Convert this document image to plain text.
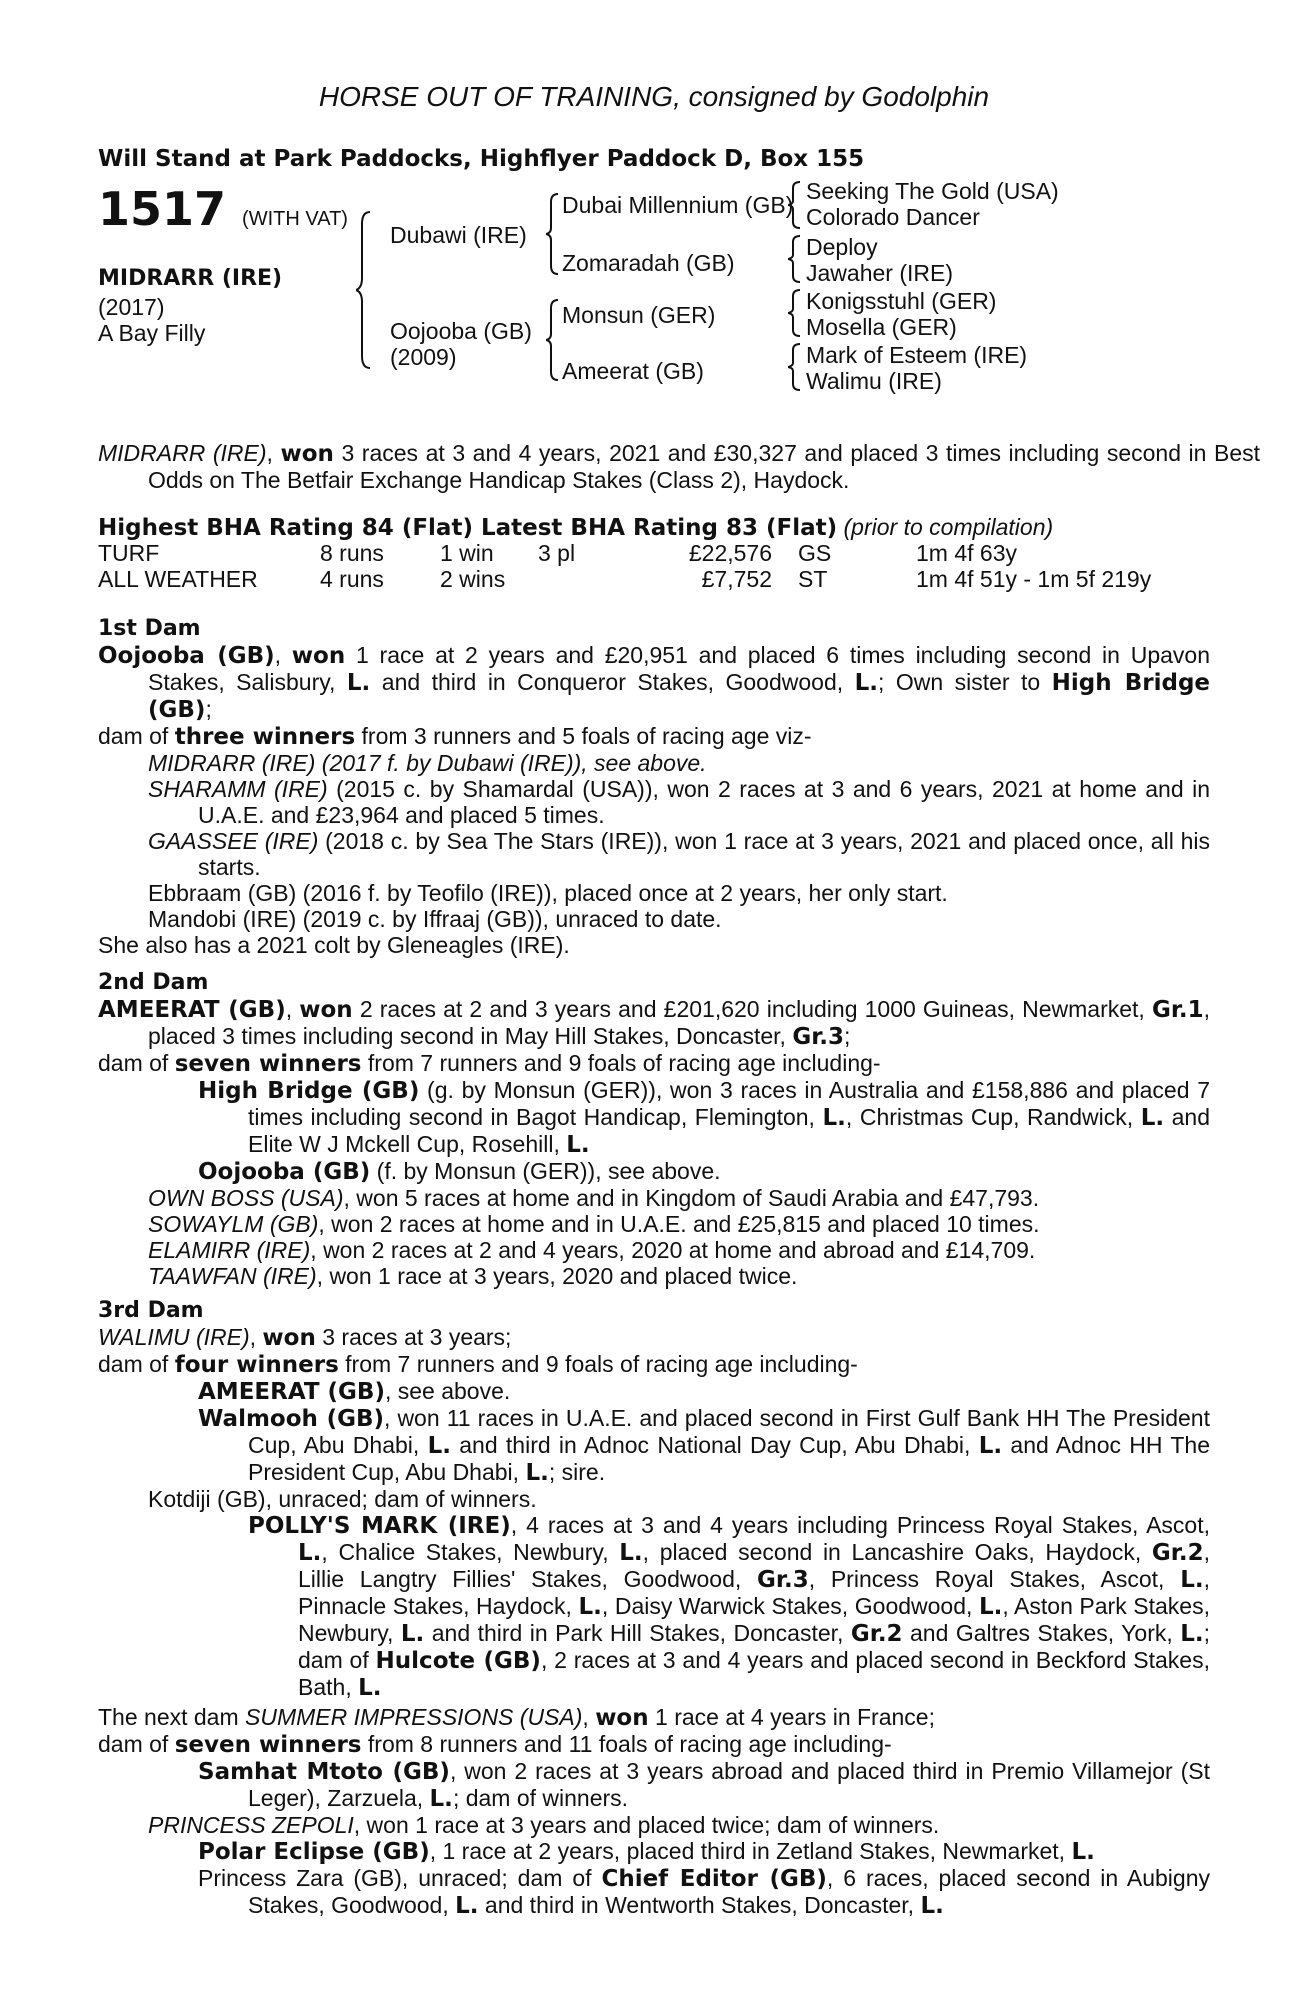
HORSE OUT OF TRAINING, consigned by Godolphin
Will Stand at Park Paddocks, Highflyer Paddock D, Box 155
1517 (WITH VAT)
MIDRARR (IRE)
(2017)
A Bay Filly
Dubawi (IRE)
Oojooba (GB)
(2009)
Dubai Millennium (GB)
Zomaradah (GB)
Monsun (GER)
Ameerat (GB)
Seeking The Gold (USA)
Colorado Dancer
Deploy
Jawaher (IRE)
Konigsstuhl (GER)
Mosella (GER)
Mark of Esteem (IRE)
Walimu (IRE)
MIDRARR (IRE), won 3 races at 3 and 4 years, 2021 and £30,327 and placed 3 times including second in Best Odds on The Betfair Exchange Handicap Stakes (Class 2), Haydock.
Highest BHA Rating 84 (Flat) Latest BHA Rating 83 (Flat) (prior to compilation)
TURF	8 runs 1 win 3 pl	£22,576 GS	1m 4f 63y
ALL WEATHER	4 runs 2 wins	£7,752 ST	1m 4f 51y - 1m 5f 219y
1st Dam
Oojooba (GB), won 1 race at 2 years and £20,951 and placed 6 times including second in Upavon Stakes, Salisbury, L. and third in Conqueror Stakes, Goodwood, L.; Own sister to High Bridge (GB);
dam of three winners from 3 runners and 5 foals of racing age viz-
MIDRARR (IRE) (2017 f. by Dubawi (IRE)), see above.
SHARAMM (IRE) (2015 c. by Shamardal (USA)), won 2 races at 3 and 6 years, 2021 at home and in U.A.E. and £23,964 and placed 5 times.
GAASSEE (IRE) (2018 c. by Sea The Stars (IRE)), won 1 race at 3 years, 2021 and placed once, all his starts.
Ebbraam (GB) (2016 f. by Teofilo (IRE)), placed once at 2 years, her only start.
Mandobi (IRE) (2019 c. by Iffraaj (GB)), unraced to date.
She also has a 2021 colt by Gleneagles (IRE).
2nd Dam
AMEERAT (GB), won 2 races at 2 and 3 years and £201,620 including 1000 Guineas, Newmarket, Gr.1, placed 3 times including second in May Hill Stakes, Doncaster, Gr.3;
dam of seven winners from 7 runners and 9 foals of racing age including-
High Bridge (GB) (g. by Monsun (GER)), won 3 races in Australia and £158,886 and placed 7 times including second in Bagot Handicap, Flemington, L., Christmas Cup, Randwick, L. and Elite W J Mckell Cup, Rosehill, L.
Oojooba (GB) (f. by Monsun (GER)), see above.
OWN BOSS (USA), won 5 races at home and in Kingdom of Saudi Arabia and £47,793.
SOWAYLM (GB), won 2 races at home and in U.A.E. and £25,815 and placed 10 times.
ELAMIRR (IRE), won 2 races at 2 and 4 years, 2020 at home and abroad and £14,709.
TAAWFAN (IRE), won 1 race at 3 years, 2020 and placed twice.
3rd Dam
WALIMU (IRE), won 3 races at 3 years;
dam of four winners from 7 runners and 9 foals of racing age including-
AMEERAT (GB), see above.
Walmooh (GB), won 11 races in U.A.E. and placed second in First Gulf Bank HH The President Cup, Abu Dhabi, L. and third in Adnoc National Day Cup, Abu Dhabi, L. and Adnoc HH The President Cup, Abu Dhabi, L.; sire.
Kotdiji (GB), unraced; dam of winners.
POLLY'S MARK (IRE), 4 races at 3 and 4 years including Princess Royal Stakes, Ascot, L., Chalice Stakes, Newbury, L., placed second in Lancashire Oaks, Haydock, Gr.2, Lillie Langtry Fillies' Stakes, Goodwood, Gr.3, Princess Royal Stakes, Ascot, L., Pinnacle Stakes, Haydock, L., Daisy Warwick Stakes, Goodwood, L., Aston Park Stakes, Newbury, L. and third in Park Hill Stakes, Doncaster, Gr.2 and Galtres Stakes, York, L.; dam of Hulcote (GB), 2 races at 3 and 4 years and placed second in Beckford Stakes, Bath, L.
The next dam SUMMER IMPRESSIONS (USA), won 1 race at 4 years in France;
dam of seven winners from 8 runners and 11 foals of racing age including-
Samhat Mtoto (GB), won 2 races at 3 years abroad and placed third in Premio Villamejor (St Leger), Zarzuela, L.; dam of winners.
PRINCESS ZEPOLI, won 1 race at 3 years and placed twice; dam of winners.
Polar Eclipse (GB), 1 race at 2 years, placed third in Zetland Stakes, Newmarket, L.
Princess Zara (GB), unraced; dam of Chief Editor (GB), 6 races, placed second in Aubigny Stakes, Goodwood, L. and third in Wentworth Stakes, Doncaster, L.
